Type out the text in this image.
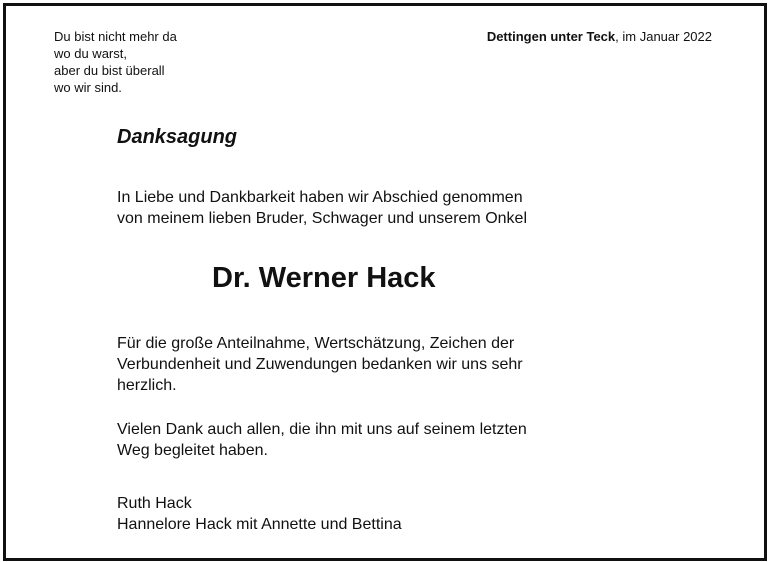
Du bist nicht mehr da
wo du warst,
aber du bist überall
wo wir sind.
Dettingen unter Teck, im Januar 2022
Danksagung
In Liebe und Dankbarkeit haben wir Abschied genommen
von meinem lieben Bruder, Schwager und unserem Onkel
Dr. Werner Hack
Für die große Anteilnahme, Wertschätzung, Zeichen der
Verbundenheit und Zuwendungen bedanken wir uns sehr
herzlich.
Vielen Dank auch allen, die ihn mit uns auf seinem letzten
Weg begleitet haben.
Ruth Hack
Hannelore Hack mit Annette und Bettina
